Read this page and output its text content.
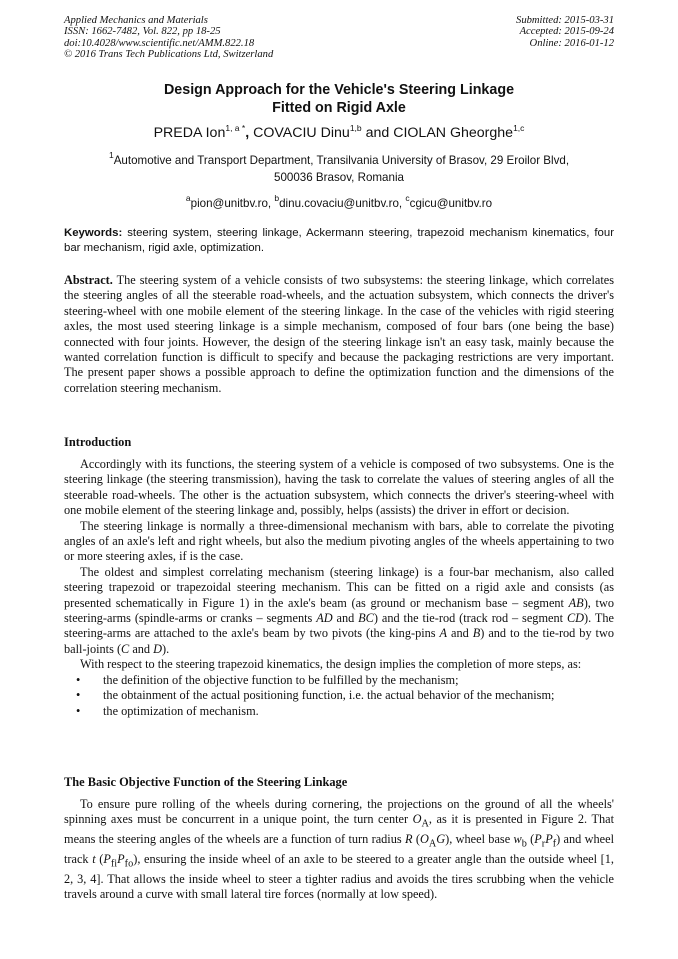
Applied Mechanics and Materials
ISSN: 1662-7482, Vol. 822, pp 18-25
doi:10.4028/www.scientific.net/AMM.822.18
© 2016 Trans Tech Publications Ltd, Switzerland
Submitted: 2015-03-31
Accepted: 2015-09-24
Online: 2016-01-12
Design Approach for the Vehicle's Steering Linkage
Fitted on Rigid Axle
PREDA Ion$^{1, a *}$, COVACIU Dinu$^{1,b}$ and CIOLAN Gheorghe$^{1,c}$
$^1$Automotive and Transport Department, Transilvania University of Brasov, 29 Eroilor Blvd,
500036 Brasov, Romania
$^a$pion@unitbv.ro, $^b$dinu.covaciu@unitbv.ro, $^c$cgicu@unitbv.ro
Keywords: steering system, steering linkage, Ackermann steering, trapezoid mechanism kinematics, four bar mechanism, rigid axle, optimization.
Abstract. The steering system of a vehicle consists of two subsystems: the steering linkage, which correlates the steering angles of all the steerable road-wheels, and the actuation subsystem, which connects the driver's steering-wheel with one mobile element of the steering linkage. In the case of the vehicles with rigid steering axles, the most used steering linkage is a simple mechanism, composed of four bars (one being the base) connected with four joints. However, the design of the steering linkage isn't an easy task, mainly because the wanted correlation function is difficult to specify and because the packaging restrictions are very important. The present paper shows a possible approach to define the optimization function and the dimensions of the correlation steering mechanism.
Introduction

Accordingly with its functions, the steering system of a vehicle is composed of two subsystems. One is the steering linkage (the steering transmission), having the task to correlate the values of steering angles of all the steerable road-wheels. The other is the actuation subsystem, which connects the driver's steering-wheel with one mobile element of the steering linkage and, possibly, helps (assists) the driver in effort or decision.

The steering linkage is normally a three-dimensional mechanism with bars, able to correlate the pivoting angles of an axle's left and right wheels, but also the medium pivoting angles of the wheels appertaining to two or more steering axles, if is the case.

The oldest and simplest correlating mechanism (steering linkage) is a four-bar mechanism, also called steering trapezoid or trapezoidal steering mechanism. This can be fitted on a rigid axle and consists (as presented schematically in Figure 1) in the axle's beam (as ground or mechanism base – segment AB), two steering-arms (spindle-arms or cranks – segments AD and BC) and the tie-rod (track rod – segment CD). The steering-arms are attached to the axle's beam by two pivots (the king-pins A and B) and to the tie-rod by two ball-joints (C and D).

With respect to the steering trapezoid kinematics, the design implies the completion of more steps, as:

• the definition of the objective function to be fulfilled by the mechanism;
• the obtainment of the actual positioning function, i.e. the actual behavior of the mechanism;
• the optimization of mechanism.
The Basic Objective Function of the Steering Linkage

To ensure pure rolling of the wheels during cornering, the projections on the ground of all the wheels' spinning axes must be concurrent in a unique point, the turn center $O_A$, as it is presented in Figure 2. That means the steering angles of the wheels are a function of turn radius R $(O_AG)$, wheel base $w_b$ $(P_rP_f)$ and wheel track t $(P_{fi}P_{fo})$, ensuring the inside wheel of an axle to be steered to a greater angle than the outside wheel [1, 2, 3, 4]. That allows the inside wheel to steer a tighter radius and avoids the tires scrubbing when the vehicle travels around a curve with small lateral tire forces (normally at low speed).
